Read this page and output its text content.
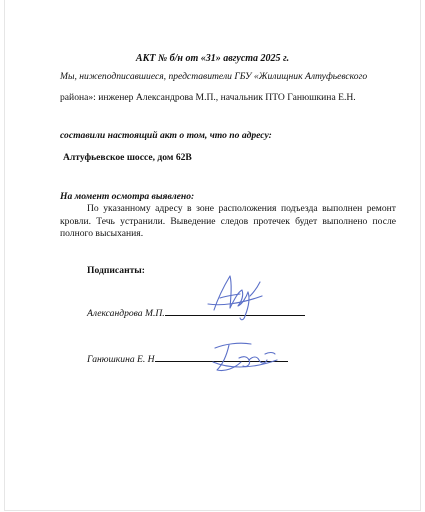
АКТ № б/н от «31» августа 2025 г.
Мы, нижеподписавшиеся, представители ГБУ «Жилищник Алтуфьевского
района»: инженер Александрова М.П., начальник ПТО Ганюшкина Е.Н.
составили настоящий акт о том, что по адресу:
Алтуфьевское шоссе, дом 62В
На момент осмотра выявлено:
По указанному адресу в зоне расположения подъезда выполнен ремонт кровли. Течь устранили. Выведение следов протечек будет выполнено после полного высыхания.
Подписанты:
Александрова М.П.
Ганюшкина Е. Н
